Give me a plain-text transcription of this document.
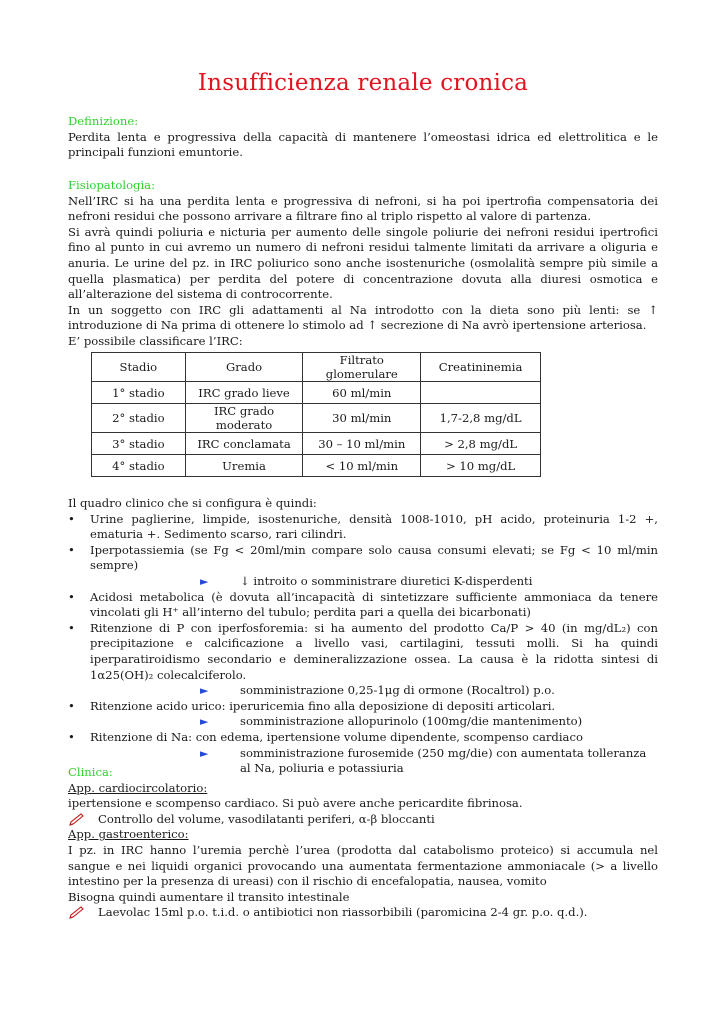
Insufficienza renale cronica

Definizione:

Perdita lenta e progressiva della capacità di mantenere l’omeostasi idrica ed elettrolitica e le principali funzioni emuntorie.

Fisiopatologia:

Nell’IRC si ha una perdita lenta e progressiva di nefroni, si ha poi ipertrofia compensatoria dei nefroni residui che possono arrivare a filtrare fino al triplo rispetto al valore di partenza.

Si avrà quindi poliuria e nicturia per aumento delle singole poliurie dei nefroni residui ipertrofici fino al punto in cui avremo un numero di nefroni residui talmente limitati da arrivare a oliguria e anuria. Le urine del pz. in IRC poliurico sono anche isostenuriche (osmolalità sempre più simile a quella plasmatica) per perdita del potere di concentrazione dovuta alla diuresi osmotica e all’alterazione del sistema di controcorrente.

In un soggetto con IRC gli adattamenti al Na introdotto con la dieta sono più lenti: se ↑ introduzione di Na prima di ottenere lo stimolo ad ↑ secrezione di Na avrò ipertensione arteriosa.

E’ possibile classificare l’IRC:

Stadio	Grado	Filtrato glomerulare	Creatininemia
1° stadio	IRC grado lieve	60 ml/min	
2° stadio	IRC grado moderato	30 ml/min	1,7-2,8 mg/dL
3° stadio	IRC conclamata	30 – 10 ml/min	> 2,8 mg/dL
4° stadio	Uremia	< 10 ml/min	> 10 mg/dL

Il quadro clinico che si configura è quindi:

• Urine paglierine, limpide, isostenuriche, densità 1008-1010, pH acido, proteinuria 1-2 +, ematuria +. Sedimento scarso, rari cilindri.
• Iperpotassiemia (se Fg < 20ml/min compare solo causa consumi elevati; se Fg < 10 ml/min sempre)
►	↓ introito o somministrare diuretici K-disperdenti
• Acidosi metabolica (è dovuta all’incapacità di sintetizzare sufficiente ammoniaca da tenere vincolati gli H⁺ all’interno del tubulo; perdita pari a quella dei bicarbonati)
• Ritenzione di P con iperfosforemia: si ha aumento del prodotto Ca/P > 40 (in mg/dL₂) con precipitazione e calcificazione a livello vasi, cartilagini, tessuti molli. Si ha quindi iperparatiroidismo secondario e demineralizzazione ossea. La causa è la ridotta sintesi di 1α25(OH)₂ colecalciferolo.
►	somministrazione 0,25-1μg di ormone (Rocaltrol) p.o.
• Ritenzione acido urico: iperuricemia fino alla deposizione di depositi articolari.
►	somministrazione allopurinolo (100mg/die mantenimento)
• Ritenzione di Na: con edema, ipertensione volume dipendente, scompenso cardiaco
►	somministrazione furosemide (250 mg/die) con aumentata tolleranza al Na, poliuria e potassiuria

Clinica:

App. cardiocircolatorio:

ipertensione e scompenso cardiaco. Si può avere anche pericardite fibrinosa.

Controllo del volume, vasodilatanti periferi, α-β bloccanti

App. gastroenterico:

I pz. in IRC hanno l’uremia perchè l’urea (prodotta dal catabolismo proteico) si accumula nel sangue e nei liquidi organici provocando una aumentata fermentazione ammoniacale (> a livello intestino per la presenza di ureasi) con il rischio di encefalopatia, nausea, vomito

Bisogna quindi aumentare il transito intestinale

Laevolac 15ml p.o. t.i.d. o antibiotici non riassorbibili (paromicina 2-4 gr. p.o. q.d.).
